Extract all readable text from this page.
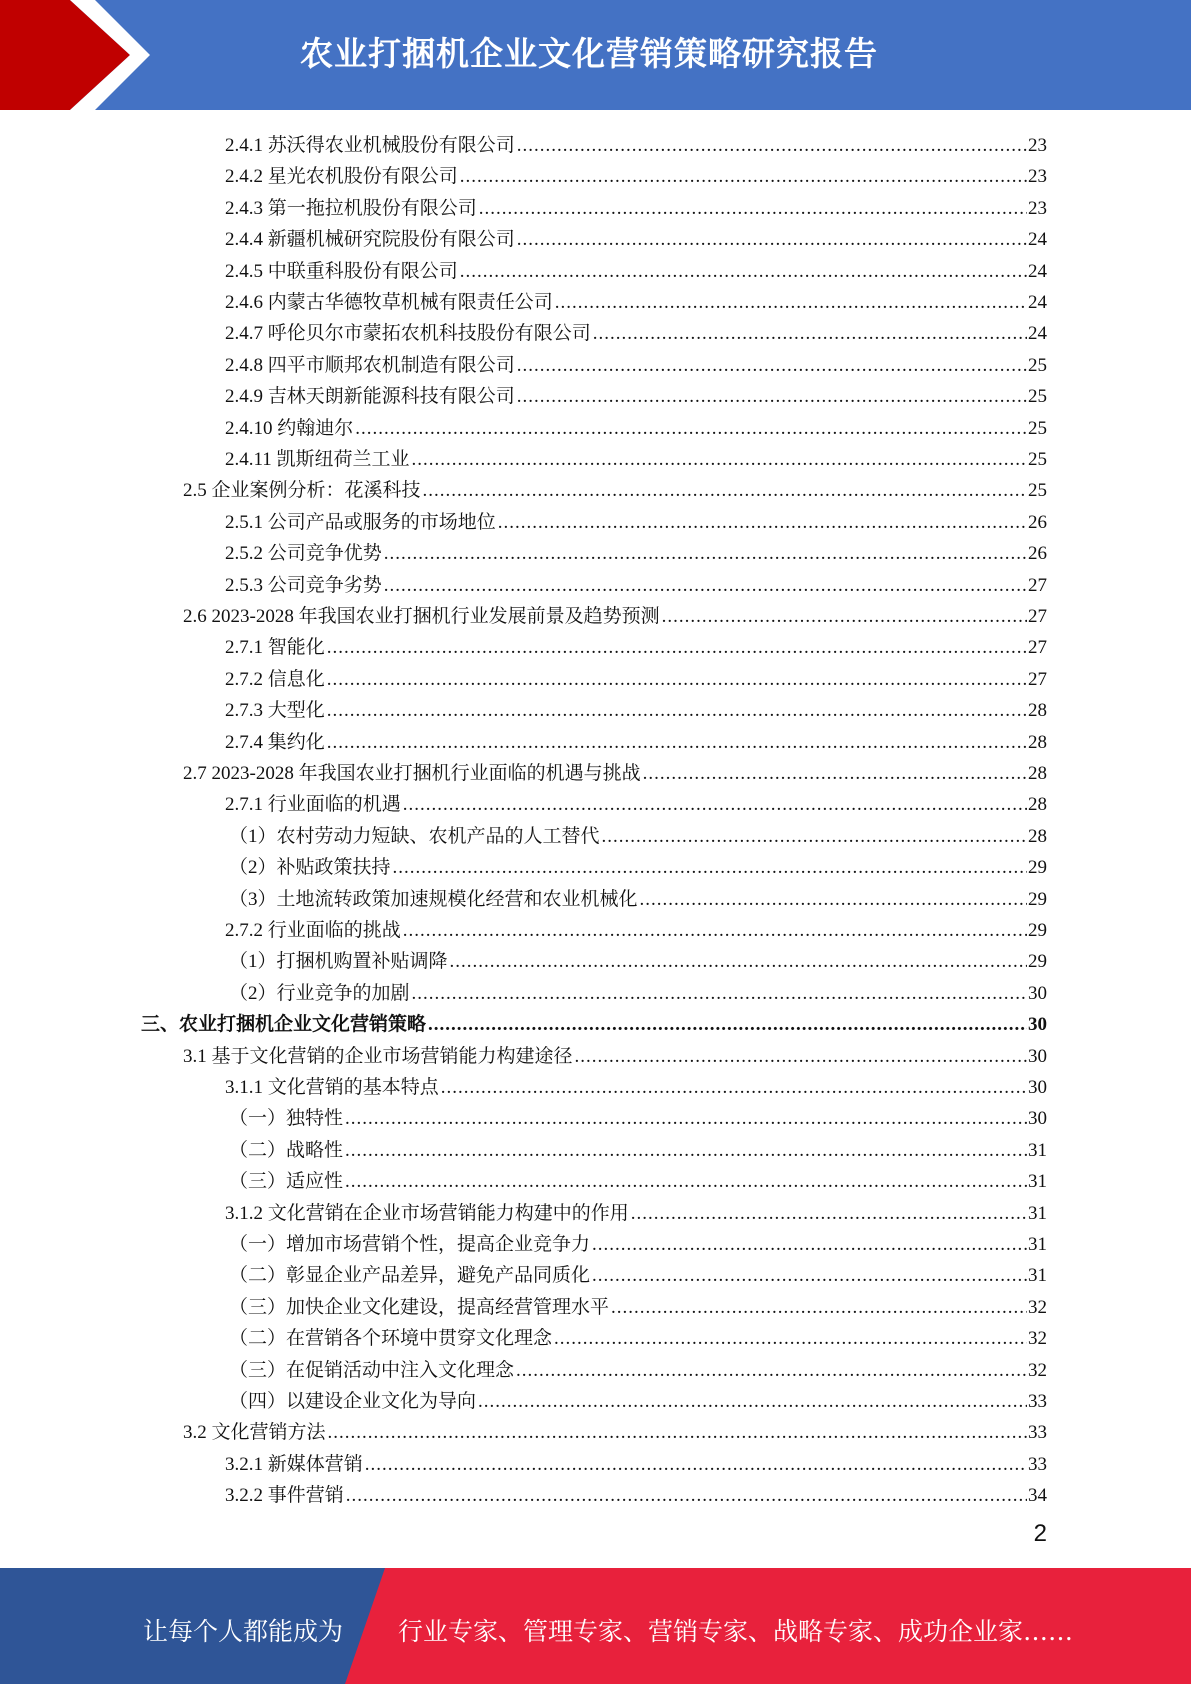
农业打捆机企业文化营销策略研究报告
2.4.1 苏沃得农业机械股份有限公司 .....	23
2.4.2 星光农机股份有限公司 .....	23
2.4.3 第一拖拉机股份有限公司 .....	23
2.4.4 新疆机械研究院股份有限公司 .....	24
2.4.5 中联重科股份有限公司 .....	24
2.4.6 内蒙古华德牧草机械有限责任公司 .....	24
2.4.7 呼伦贝尔市蒙拓农机科技股份有限公司 .....	24
2.4.8 四平市顺邦农机制造有限公司 .....	25
2.4.9 吉林天朗新能源科技有限公司 .....	25
2.4.10 约翰迪尔 .....	25
2.4.11 凯斯纽荷兰工业 .....	25
2.5 企业案例分析：花溪科技 .....	25
2.5.1 公司产品或服务的市场地位 .....	26
2.5.2 公司竞争优势 .....	26
2.5.3 公司竞争劣势 .....	27
2.6 2023-2028 年我国农业打捆机行业发展前景及趋势预测 .....	27
2.7.1 智能化 .....	27
2.7.2 信息化 .....	27
2.7.3 大型化 .....	28
2.7.4 集约化 .....	28
2.7 2023-2028 年我国农业打捆机行业面临的机遇与挑战 .....	28
2.7.1 行业面临的机遇 .....	28
（1）农村劳动力短缺、农机产品的人工替代 .....	28
（2）补贴政策扶持 .....	29
（3）土地流转政策加速规模化经营和农业机械化 .....	29
2.7.2 行业面临的挑战 .....	29
（1）打捆机购置补贴调降 .....	29
（2）行业竞争的加剧 .....	30
三、农业打捆机企业文化营销策略 .....	30
3.1 基于文化营销的企业市场营销能力构建途径 .....	30
3.1.1 文化营销的基本特点 .....	30
（一）独特性 .....	30
（二）战略性 .....	31
（三）适应性 .....	31
3.1.2 文化营销在企业市场营销能力构建中的作用 .....	31
（一）增加市场营销个性，提高企业竞争力 .....	31
（二）彰显企业产品差异，避免产品同质化 .....	31
（三）加快企业文化建设，提高经营管理水平 .....	32
（二）在营销各个环境中贯穿文化理念 .....	32
（三）在促销活动中注入文化理念 .....	32
（四）以建设企业文化为导向 .....	33
3.2 文化营销方法 .....	33
3.2.1 新媒体营销 .....	33
3.2.2 事件营销 .....	34
2
让每个人都能成为 行业专家、管理专家、营销专家、战略专家、成功企业家……
